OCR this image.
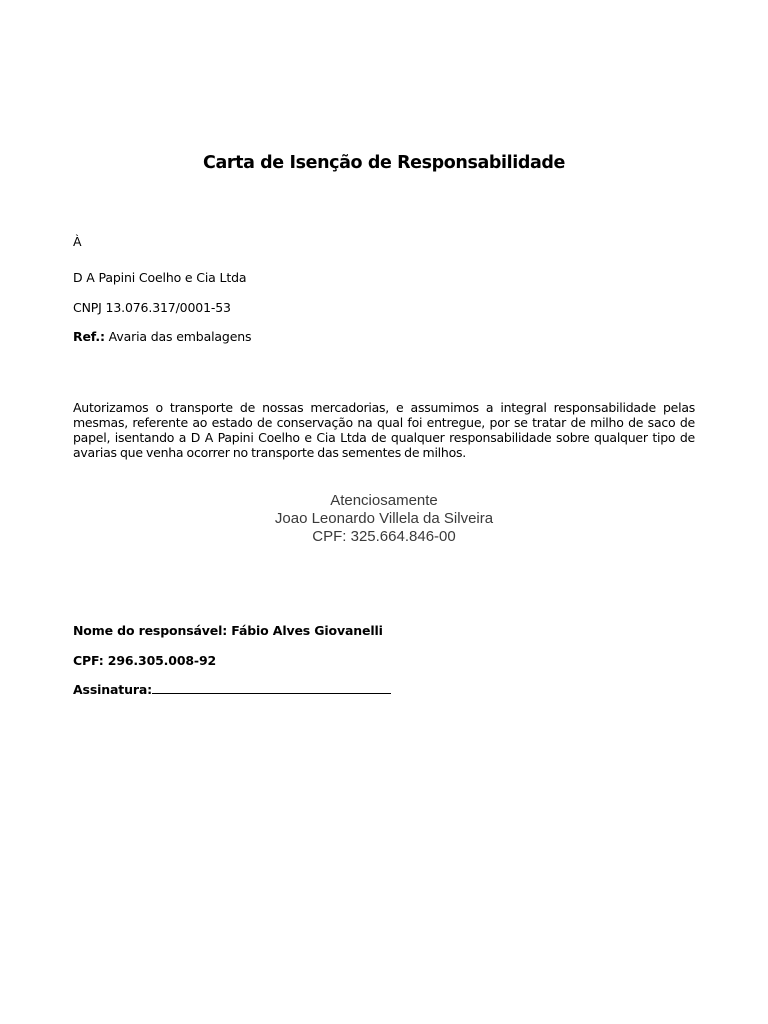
Carta de Isenção de Responsabilidade
À
D A Papini Coelho e Cia Ltda
CNPJ 13.076.317/0001-53
Ref.: Avaria das embalagens
Autorizamos o transporte de nossas mercadorias, e assumimos a integral responsabilidade pelas mesmas, referente ao estado de conservação na qual foi entregue, por se tratar de milho de saco de papel, isentando a D A Papini Coelho e Cia Ltda de qualquer responsabilidade sobre qualquer tipo de avarias que venha ocorrer no transporte das sementes de milhos.
Atenciosamente
Joao Leonardo Villela da Silveira
CPF: 325.664.846-00
Nome do responsável: Fábio Alves Giovanelli
CPF: 296.305.008-92
Assinatura:
